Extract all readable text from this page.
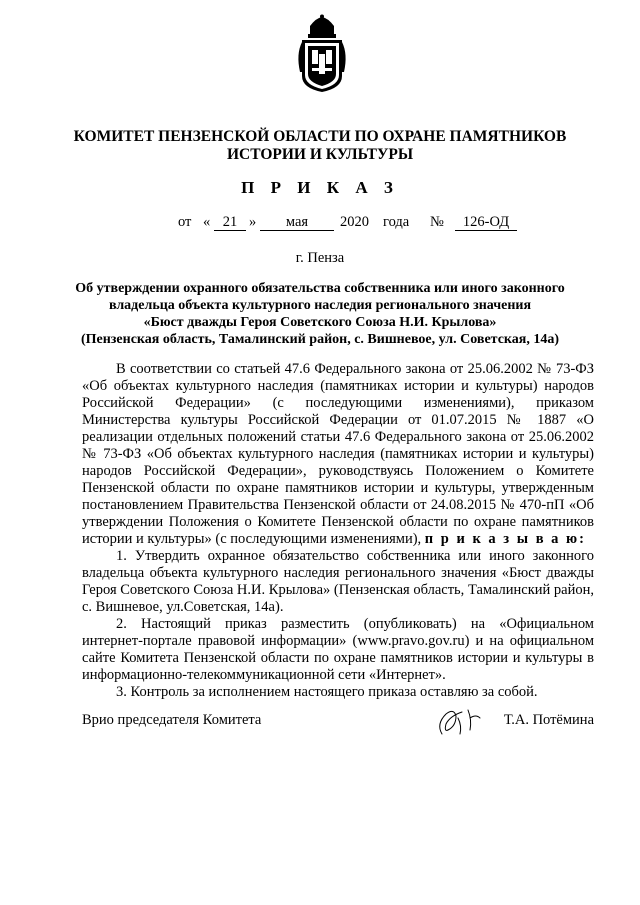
КОМИТЕТ ПЕНЗЕНСКОЙ ОБЛАСТИ ПО ОХРАНЕ ПАМЯТНИКОВ
ИСТОРИИ И КУЛЬТУРЫ
П Р И К А З
от « 21 »	мая	2020 года №	126-ОД
г. Пенза
Об утверждении охранного обязательства собственника или иного законного
владельца объекта культурного наследия регионального значения
«Бюст дважды Героя Советского Союза Н.И. Крылова»
(Пензенская область, Тамалинский район, с. Вишневое, ул. Советская, 14а)

В соответствии со статьей 47.6 Федерального закона от 25.06.2002 № 73-ФЗ «Об объектах культурного наследия (памятниках истории и культуры) народов Российской Федерации» (с последующими изменениями), приказом Министерства культуры Российской Федерации от 01.07.2015 № 1887 «О реализации отдельных положений статьи 47.6 Федерального закона от 25.06.2002 № 73-ФЗ «Об объектах культурного наследия (памятниках истории и культуры) народов Российской Федерации», руководствуясь Положением о Комитете Пензенской области по охране памятников истории и культуры, утвержденным постановлением Правительства Пензенской области от 24.08.2015 № 470-пП «Об утверждении Положения о Комитете Пензенской области по охране памятников истории и культуры» (с последующими изменениями), п р и к а з ы в а ю:

1. Утвердить охранное обязательство собственника или иного законного владельца объекта культурного наследия регионального значения «Бюст дважды Героя Советского Союза Н.И. Крылова» (Пензенская область, Тамалинский район, с. Вишневое, ул.Советская, 14а).

2. Настоящий приказ разместить (опубликовать) на «Официальном интернет-портале правовой информации» (www.pravo.gov.ru) и на официальном сайте Комитета Пензенской области по охране памятников истории и культуры в информационно-телекоммуникационной сети «Интернет».

3. Контроль за исполнением настоящего приказа оставляю за собой.

Врио председателя Комитета	Т.А. Потёмина
